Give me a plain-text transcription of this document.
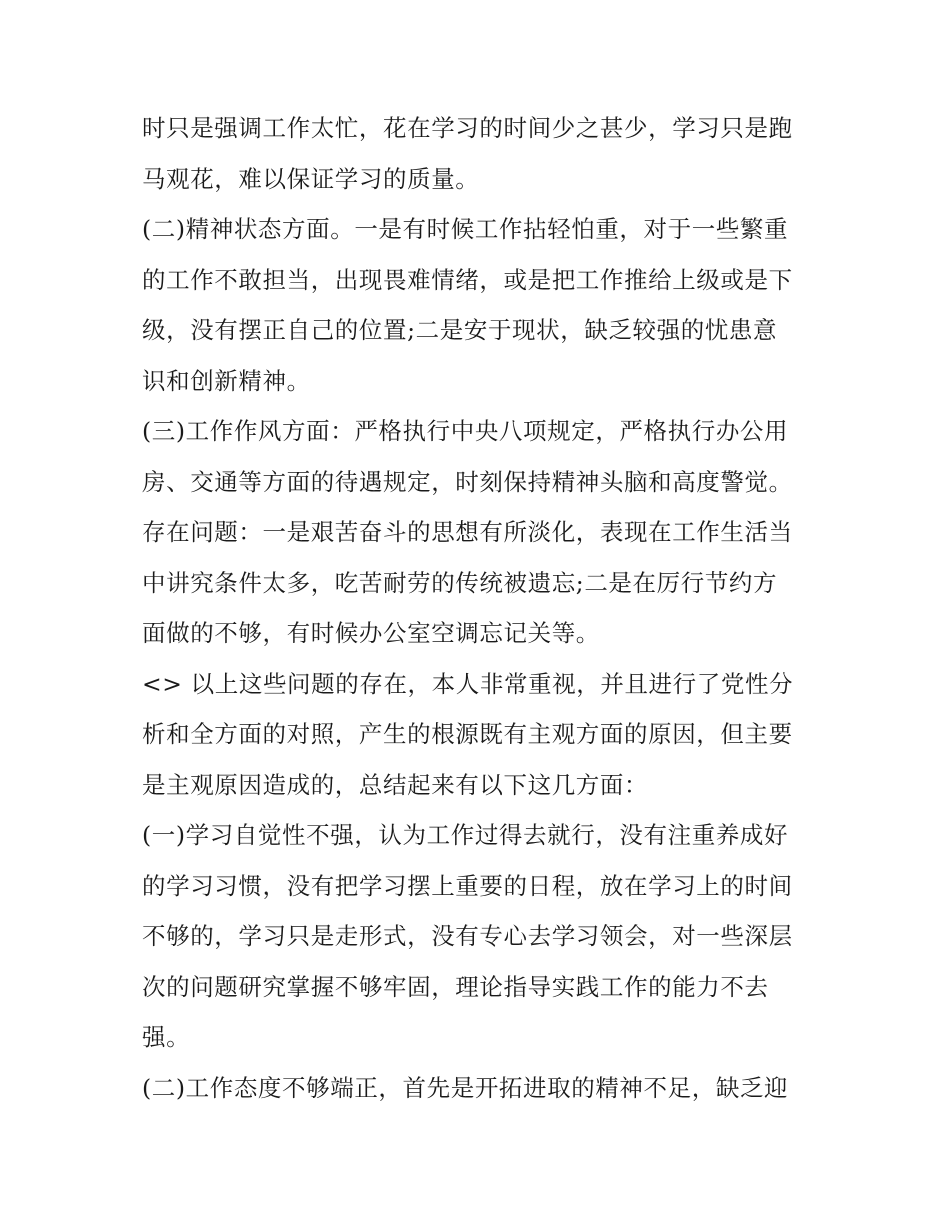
时只是强调工作太忙，花在学习的时间少之甚少，学习只是跑
马观花，难以保证学习的质量。
(二)精神状态方面。一是有时候工作拈轻怕重，对于一些繁重
的工作不敢担当，出现畏难情绪，或是把工作推给上级或是下
级，没有摆正自己的位置;二是安于现状，缺乏较强的忧患意
识和创新精神。
(三)工作作风方面：严格执行中央八项规定，严格执行办公用
房、交通等方面的待遇规定，时刻保持精神头脑和高度警觉。
存在问题：一是艰苦奋斗的思想有所淡化，表现在工作生活当
中讲究条件太多，吃苦耐劳的传统被遗忘;二是在厉行节约方
面做的不够，有时候办公室空调忘记关等。
<> 以上这些问题的存在，本人非常重视，并且进行了党性分
析和全方面的对照，产生的根源既有主观方面的原因，但主要
是主观原因造成的，总结起来有以下这几方面：
(一)学习自觉性不强，认为工作过得去就行，没有注重养成好
的学习习惯，没有把学习摆上重要的日程，放在学习上的时间
不够的，学习只是走形式，没有专心去学习领会，对一些深层
次的问题研究掌握不够牢固，理论指导实践工作的能力不去
强。
(二)工作态度不够端正，首先是开拓进取的精神不足，缺乏迎
